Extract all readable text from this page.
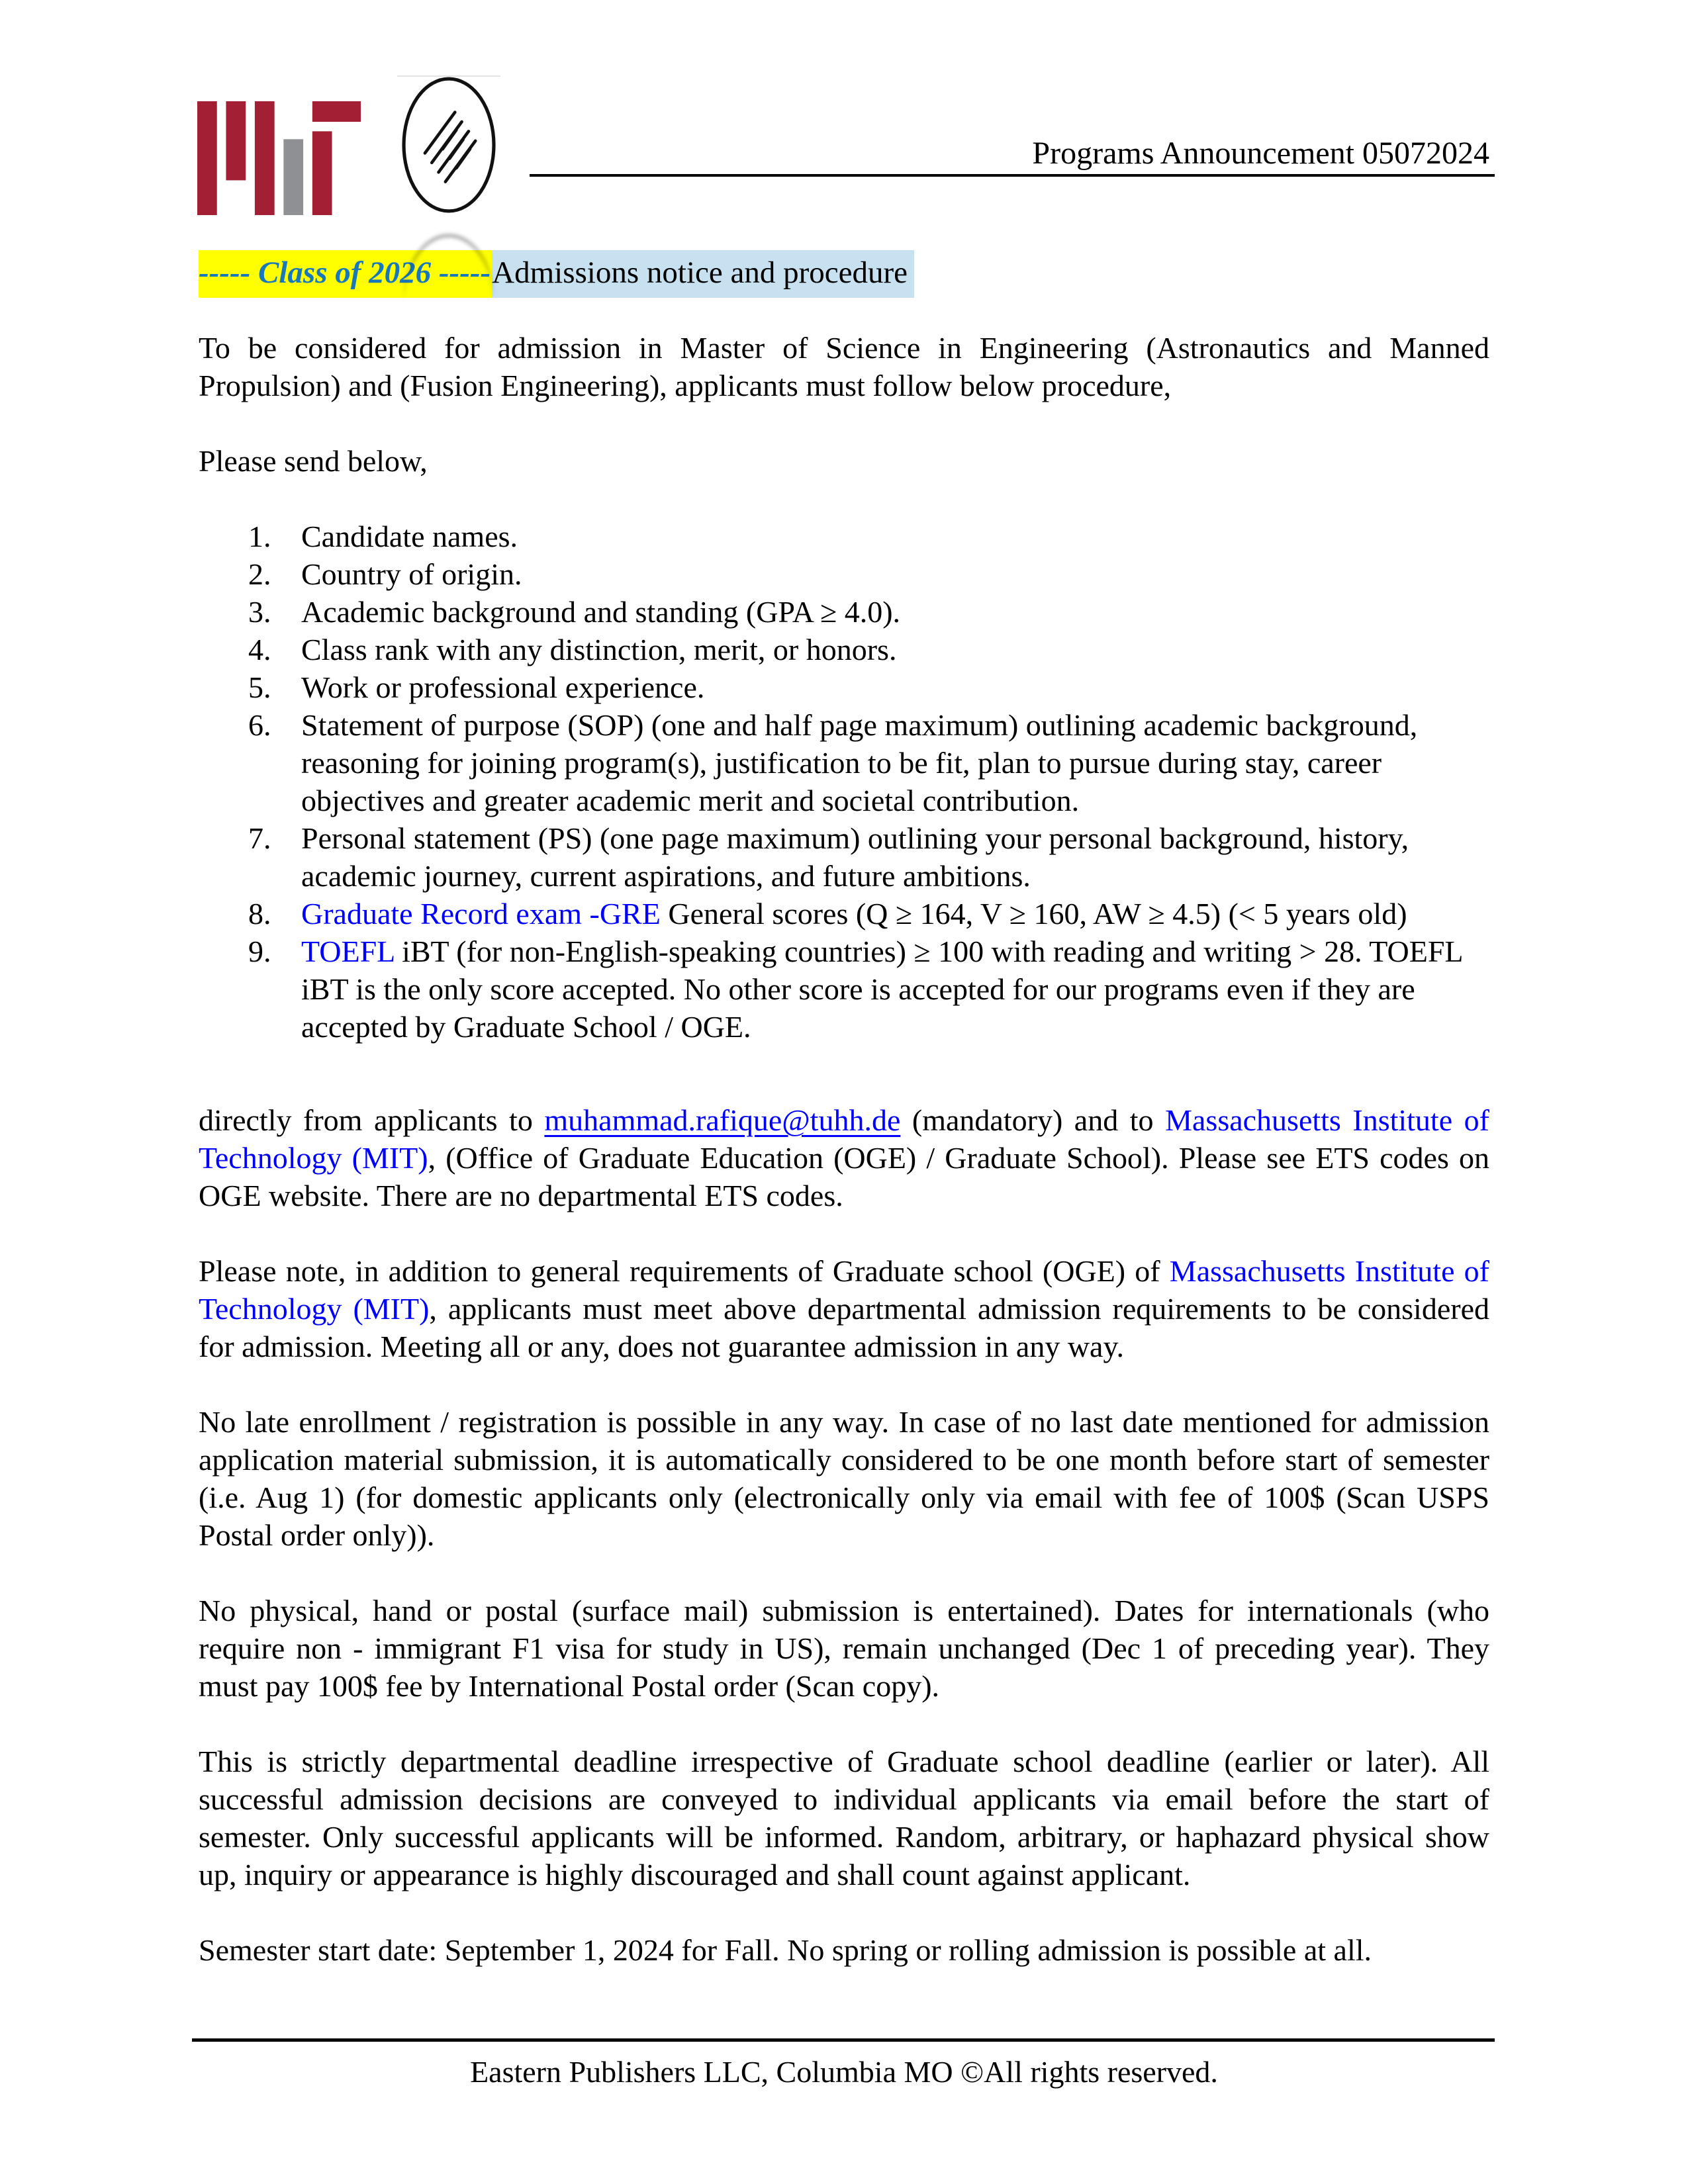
Programs Announcement 05072024
----- Class of 2026 -----Admissions notice and procedure

To be considered for admission in Master of Science in Engineering (Astronautics and Manned Propulsion) and (Fusion Engineering), applicants must follow below procedure,

Please send below,

1. Candidate names.
2. Country of origin.
3. Academic background and standing (GPA ≥ 4.0).
4. Class rank with any distinction, merit, or honors.
5. Work or professional experience.
6. Statement of purpose (SOP) (one and half page maximum) outlining academic background, reasoning for joining program(s), justification to be fit, plan to pursue during stay, career objectives and greater academic merit and societal contribution.
7. Personal statement (PS) (one page maximum) outlining your personal background, history, academic journey, current aspirations, and future ambitions.
8. Graduate Record exam -GRE General scores (Q ≥ 164, V ≥ 160, AW ≥ 4.5) (< 5 years old)
9. TOEFL iBT (for non-English-speaking countries) ≥ 100 with reading and writing > 28. TOEFL iBT is the only score accepted. No other score is accepted for our programs even if they are accepted by Graduate School / OGE.

directly from applicants to muhammad.rafique@tuhh.de (mandatory) and to Massachusetts Institute of Technology (MIT), (Office of Graduate Education (OGE) / Graduate School). Please see ETS codes on OGE website. There are no departmental ETS codes.

Please note, in addition to general requirements of Graduate school (OGE) of Massachusetts Institute of Technology (MIT), applicants must meet above departmental admission requirements to be considered for admission. Meeting all or any, does not guarantee admission in any way.

No late enrollment / registration is possible in any way. In case of no last date mentioned for admission application material submission, it is automatically considered to be one month before start of semester (i.e. Aug 1) (for domestic applicants only (electronically only via email with fee of 100$ (Scan USPS Postal order only)).

No physical, hand or postal (surface mail) submission is entertained). Dates for internationals (who require non - immigrant F1 visa for study in US), remain unchanged (Dec 1 of preceding year). They must pay 100$ fee by International Postal order (Scan copy).

This is strictly departmental deadline irrespective of Graduate school deadline (earlier or later). All successful admission decisions are conveyed to individual applicants via email before the start of semester. Only successful applicants will be informed. Random, arbitrary, or haphazard physical show up, inquiry or appearance is highly discouraged and shall count against applicant.

Semester start date: September 1, 2024 for Fall. No spring or rolling admission is possible at all.

Eastern Publishers LLC, Columbia MO ©All rights reserved.
